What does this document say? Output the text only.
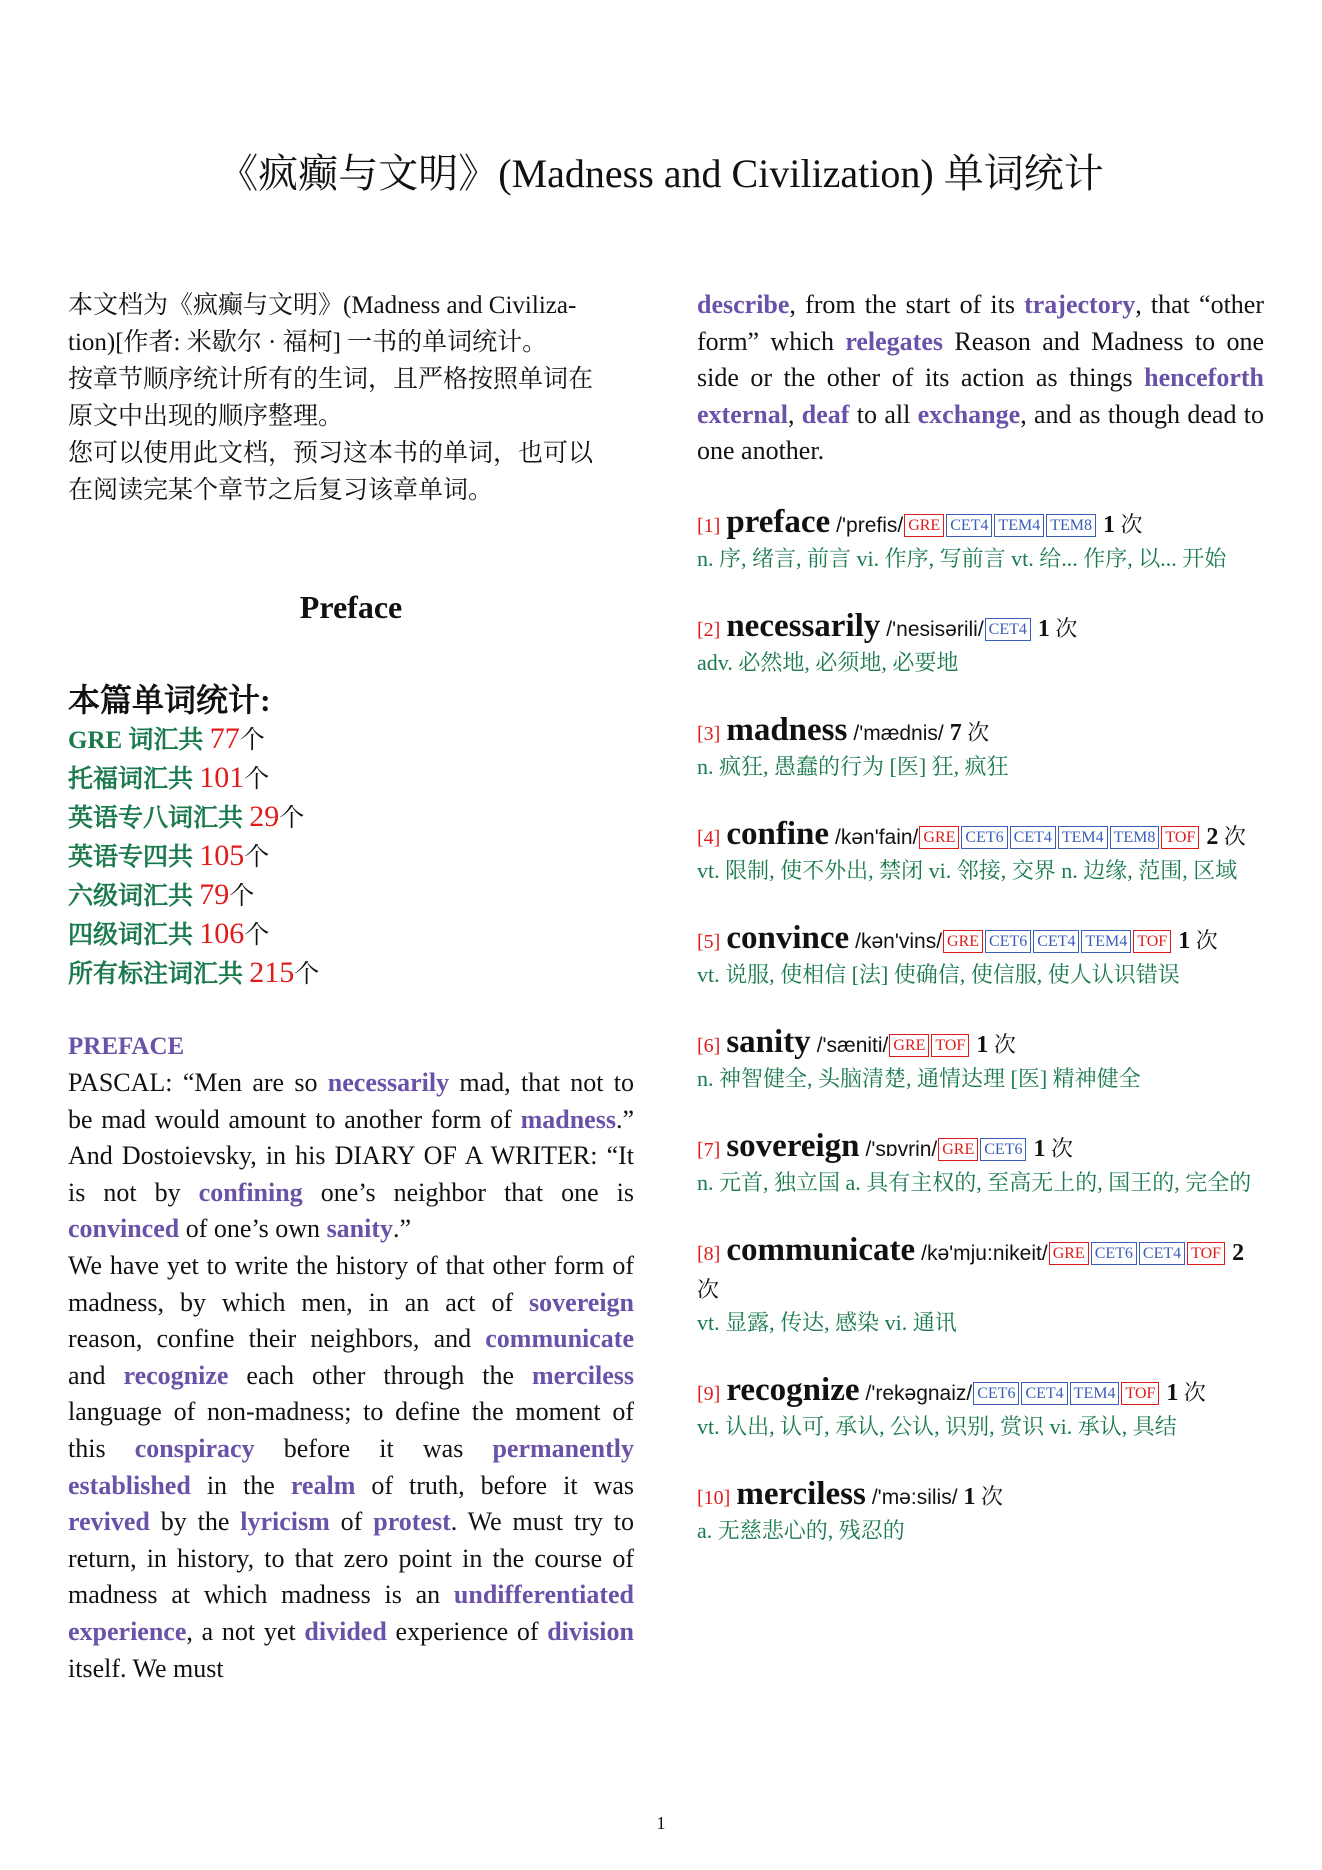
《疯癫与文明》(Madness and Civilization) 单词统计
本文档为《疯癫与文明》(Madness and Civiliza-
tion)[作者: 米歇尔 · 福柯] 一书的单词统计。
按章节顺序统计所有的生词，且严格按照单词在
原文中出现的顺序整理。
您可以使用此文档，预习这本书的单词，也可以
在阅读完某个章节之后复习该章单词。
Preface
本篇单词统计:
GRE 词汇共 77个
托福词汇共 101个
英语专八词汇共 29个
英语专四共 105个
六级词汇共 79个
四级词汇共 106个
所有标注词汇共 215个
PREFACE
PASCAL: “Men are so necessarily mad, that not to be mad would amount to another form of madness.” And Dostoievsky, in his DIARY OF A WRITER: “It is not by confining one’s neighbor that one is convinced of one’s own sanity.”
We have yet to write the history of that other form of madness, by which men, in an act of sovereign reason, confine their neighbors, and communicate and recognize each other through the merciless language of non-madness; to define the moment of this conspiracy before it was permanently established in the realm of truth, before it was revived by the lyricism of protest. We must try to return, in history, to that zero point in the course of madness at which madness is an undifferentiated experience, a not yet divided experience of division itself. We must
describe, from the start of its trajectory, that “other form” which relegates Reason and Madness to one side or the other of its action as things henceforth external, deaf to all exchange, and as though dead to one another.
[1] preface /'prefis/ GRE CET4 TEM4 TEM8 1 次
n. 序, 绪言, 前言 vi. 作序, 写前言 vt. 给... 作序, 以... 开始
[2] necessarily /'nesisərili/ CET4 1 次
adv. 必然地, 必须地, 必要地
[3] madness /'mædnis/ 7 次
n. 疯狂, 愚蠢的行为 [医] 狂, 疯狂
[4] confine /kən'fain/ GRE CET6 CET4 TEM4 TEM8 TOF 2 次
vt. 限制, 使不外出, 禁闭 vi. 邻接, 交界 n. 边缘, 范围, 区域
[5] convince /kən'vins/ GRE CET6 CET4 TEM4 TOF 1 次
vt. 说服, 使相信 [法] 使确信, 使信服, 使人认识错误
[6] sanity /'sæniti/ GRE TOF 1 次
n. 神智健全, 头脑清楚, 通情达理 [医] 精神健全
[7] sovereign /'sɒvrin/ GRE CET6 1 次
n. 元首, 独立国 a. 具有主权的, 至高无上的, 国王的, 完全的
[8] communicate /kə'mju:nikeit/ GRE CET6 CET4 TOF 2 次
vt. 显露, 传达, 感染 vi. 通讯
[9] recognize /'rekəgnaiz/ CET6 CET4 TEM4 TOF 1 次
vt. 认出, 认可, 承认, 公认, 识别, 赏识 vi. 承认, 具结
[10] merciless /'mə:silis/ 1 次
a. 无慈悲心的, 残忍的
1
